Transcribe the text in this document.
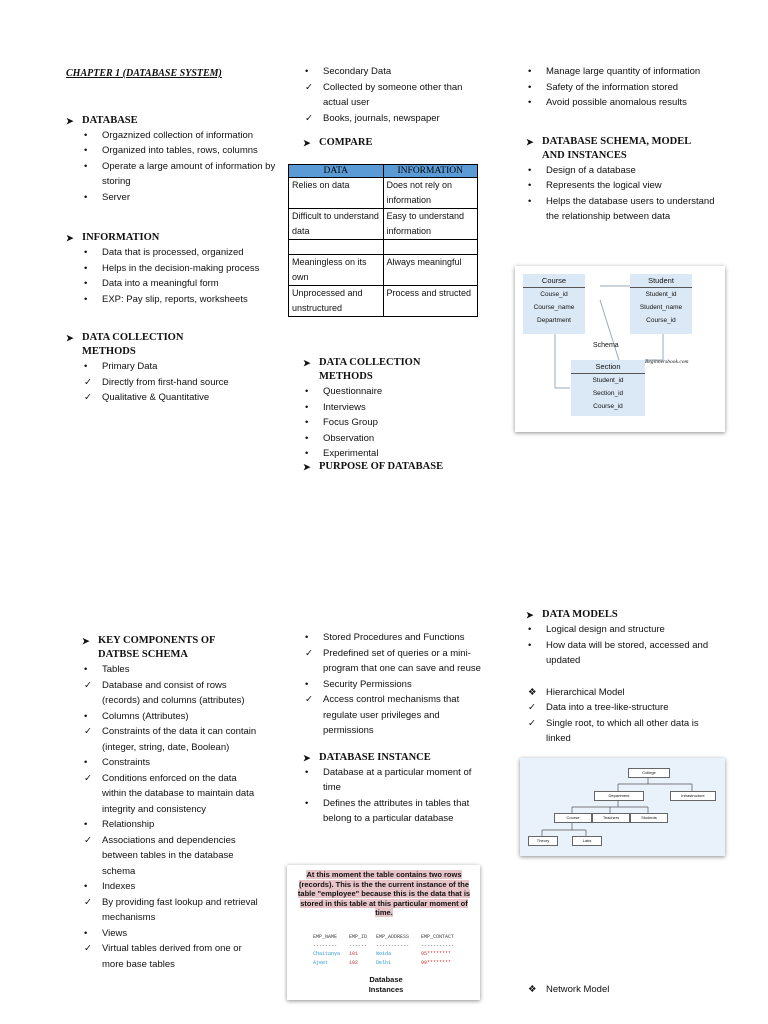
CHAPTER 1 (DATABASE SYSTEM)
➤ DATABASE
•
Orgaznized collection of information
•
Organized into tables, rows, columns
•
Operate a large amount of information by storing
•
Server
➤ INFORMATION
•
Data that is processed, organized
•
Helps in the decision-making process
•
Data into a meaningful form
•
EXP: Pay slip, reports, worksheets
➤ DATA COLLECTION METHODS
•
Primary Data
✓
Directly from first-hand source
✓
Qualitative & Quantitative
•
Secondary Data
✓
Collected by someone other than actual user
✓
Books, journals, newspaper
➤ COMPARE
DATA	INFORMATION
Relies on data	Does not rely on information
Difficult to understand data	Easy to understand information

Meaningless on its own	Always meaningful
Unprocessed and unstructured	Process and structed
➤ DATA COLLECTION METHODS
•
Questionnaire
•
Interviews
•
Focus Group
•
Observation
•
Experimental
➤ PURPOSE OF DATABASE
•
Manage large quantity of information
•
Safety of the information stored
•
Avoid possible anomalous results
➤ DATABASE SCHEMA, MODEL AND INSTANCES
•
Design of a database
•
Represents the logical view
•
Helps the database users to understand the relationship between data
Course
Couse_id
Course_name
Department
Student
Student_id
Student_name
Course_id
Schema
Beginnersbook.com
Section
Student_id
Section_id
Course_id
➤ KEY COMPONENTS OF DATBSE SCHEMA
•
Tables
✓
Database and consist of rows (records) and columns (attributes)
•
Columns (Attributes)
✓
Constraints of the data it can contain (integer, string, date, Boolean)
•
Constraints
✓
Conditions enforced on the data within the database to maintain data integrity and consistency
•
Relationship
✓
Associations and dependencies between tables in the database schema
•
Indexes
✓
By providing fast lookup and retrieval mechanisms
•
Views
✓
Virtual tables derived from one or more base tables
•
Stored Procedures and Functions
✓
Predefined set of queries or a mini-program that one can save and reuse
•
Security Permissions
✓
Access control mechanisms that regulate user privileges and permissions
➤ DATABASE INSTANCE
•
Database at a particular moment of time
•
Defines the attributes in tables that belong to a particular database
At this moment the table contains two rows (records). This is the the current instance of the table "employee" because this is the data that is stored in this table at this particular moment of time.
EMP_NAME	EMP_ID	EMP_ADDRESS	EMP_CONTACT
--------	------	-----------	-----------
Chaitanya	101	Noida	95********
Ajeet	102	Delhi	99********
Database Instances
➤ DATA MODELS
•
Logical design and structure
•
How data will be stored, accessed and updated
❖
Hierarchical Model
✓
Data into a tree-like-structure
✓
Single root, to which all other data is linked
College
Department	Infrastructure
Course	Teachers	Students
Theory	Labs
❖
Network Model
